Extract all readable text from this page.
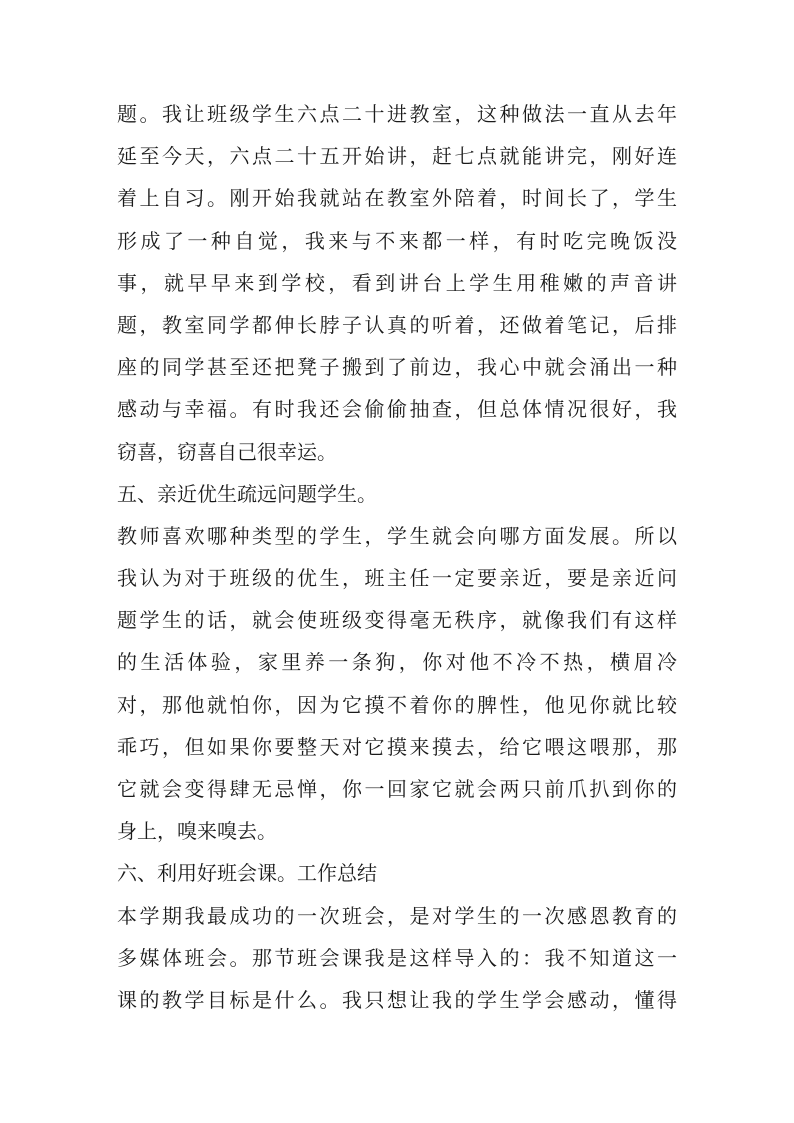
题。我让班级学生六点二十进教室，这种做法一直从去年
延至今天，六点二十五开始讲，赶七点就能讲完，刚好连
着上自习。刚开始我就站在教室外陪着，时间长了，学生
形成了一种自觉，我来与不来都一样，有时吃完晚饭没
事，就早早来到学校，看到讲台上学生用稚嫩的声音讲
题，教室同学都伸长脖子认真的听着，还做着笔记，后排
座的同学甚至还把凳子搬到了前边，我心中就会涌出一种
感动与幸福。有时我还会偷偷抽查，但总体情况很好，我
窃喜，窃喜自己很幸运。
五、亲近优生疏远问题学生。
教师喜欢哪种类型的学生，学生就会向哪方面发展。所以
我认为对于班级的优生，班主任一定要亲近，要是亲近问
题学生的话，就会使班级变得毫无秩序，就像我们有这样
的生活体验，家里养一条狗，你对他不冷不热，横眉冷
对，那他就怕你，因为它摸不着你的脾性，他见你就比较
乖巧，但如果你要整天对它摸来摸去，给它喂这喂那，那
它就会变得肆无忌惮，你一回家它就会两只前爪扒到你的
身上，嗅来嗅去。
六、利用好班会课。工作总结
本学期我最成功的一次班会，是对学生的一次感恩教育的
多媒体班会。那节班会课我是这样导入的：我不知道这一
课的教学目标是什么。我只想让我的学生学会感动，懂得
